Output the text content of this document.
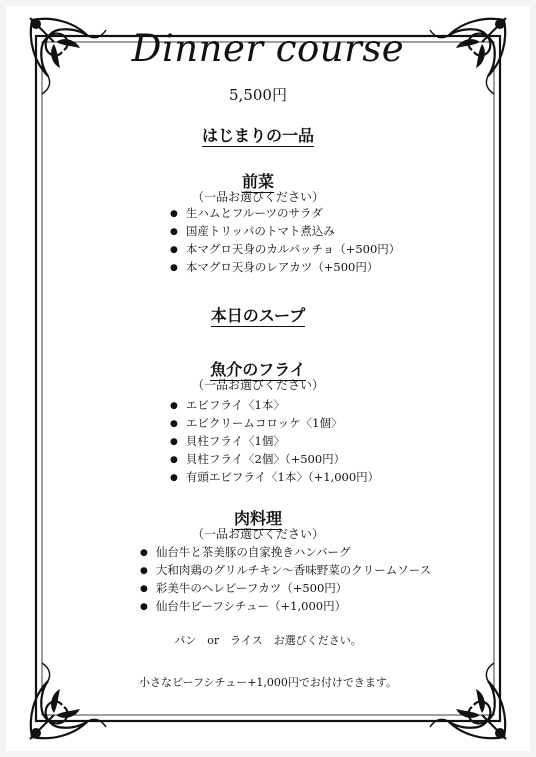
Dinner course
5,500円
はじまりの一品
前菜
（一品お選びください）
● 生ハムとフルーツのサラダ
● 国産トリッパのトマト煮込み
● 本マグロ天身のカルパッチョ（+500円）
● 本マグロ天身のレアカツ（+500円）
本日のスープ
魚介のフライ
（一品お選びください）
● エビフライ〈1本〉
● エビクリームコロッケ〈1個〉
● 貝柱フライ〈1個〉
● 貝柱フライ〈2個〉（+500円）
● 有頭エビフライ〈1本〉（+1,000円）
肉料理
（一品お選びください）
● 仙台牛と茶美豚の自家挽きハンバーグ
● 大和肉鶏のグリルチキン～香味野菜のクリームソース
● 彩美牛のヘレビーフカツ（+500円）
● 仙台牛ビーフシチュー（+1,000円）
パン　or　ライス　お選びください。
小さなビーフシチュー+1,000円でお付けできます。
